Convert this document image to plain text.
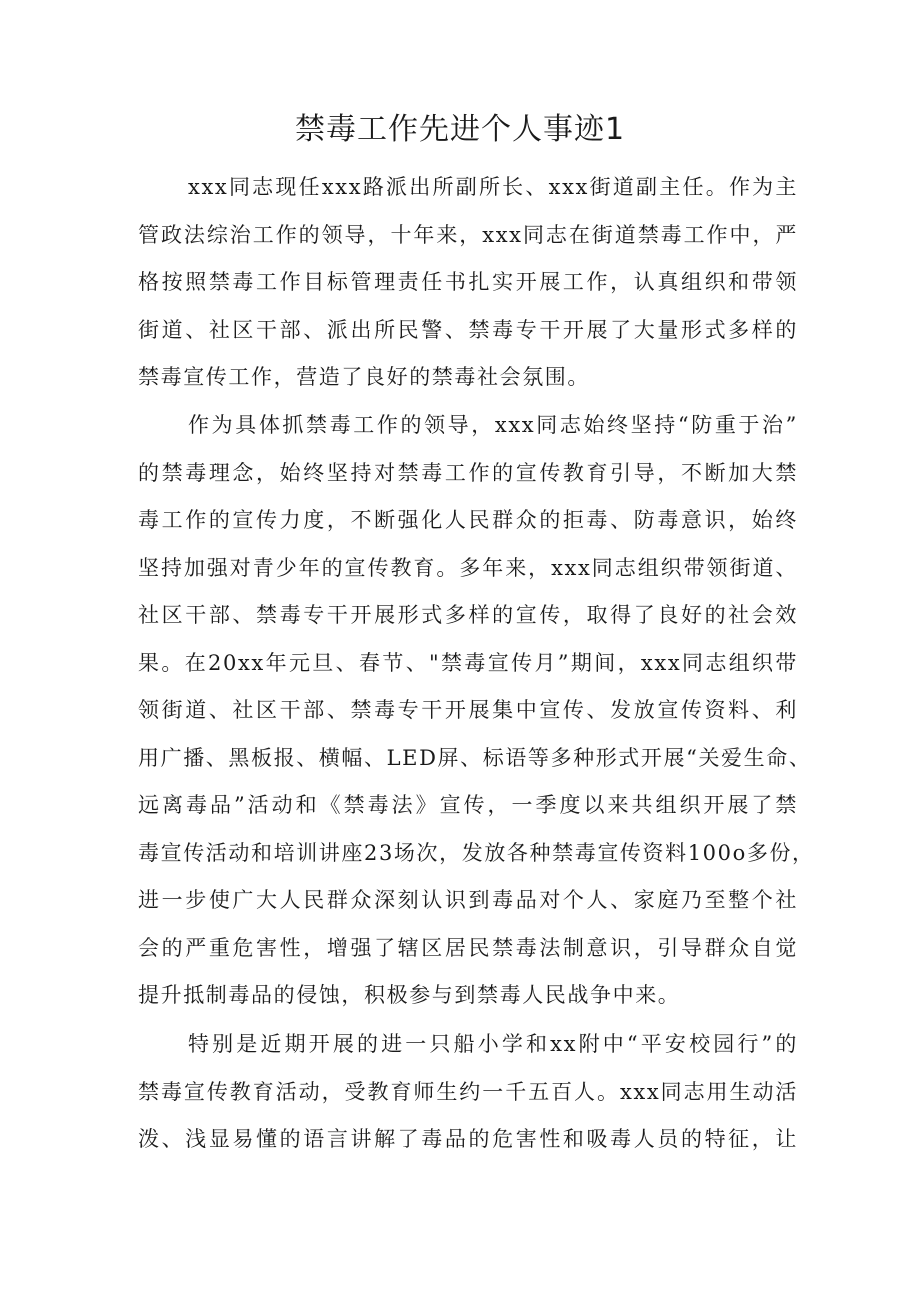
禁毒工作先进个人事迹1
xxx同志现任xxx路派出所副所长、xxx街道副主任。作为主
管政法综治工作的领导，十年来，xxx同志在街道禁毒工作中，严
格按照禁毒工作目标管理责任书扎实开展工作，认真组织和带领
街道、社区干部、派出所民警、禁毒专干开展了大量形式多样的
禁毒宣传工作，营造了良好的禁毒社会氛围。
作为具体抓禁毒工作的领导，xxx同志始终坚持“防重于治”
的禁毒理念，始终坚持对禁毒工作的宣传教育引导，不断加大禁
毒工作的宣传力度，不断强化人民群众的拒毒、防毒意识，始终
坚持加强对青少年的宣传教育。多年来，xxx同志组织带领街道、
社区干部、禁毒专干开展形式多样的宣传，取得了良好的社会效
果。在20xx年元旦、春节、"禁毒宣传月”期间，xxx同志组织带
领街道、社区干部、禁毒专干开展集中宣传、发放宣传资料、利
用广播、黑板报、横幅、LED屏、标语等多种形式开展“关爱生命、
远离毒品”活动和《禁毒法》宣传，一季度以来共组织开展了禁
毒宣传活动和培训讲座23场次，发放各种禁毒宣传资料100o多份，
进一步使广大人民群众深刻认识到毒品对个人、家庭乃至整个社
会的严重危害性，增强了辖区居民禁毒法制意识，引导群众自觉
提升抵制毒品的侵蚀，积极参与到禁毒人民战争中来。
特别是近期开展的进一只船小学和xx附中“平安校园行”的
禁毒宣传教育活动，受教育师生约一千五百人。xxx同志用生动活
泼、浅显易懂的语言讲解了毒品的危害性和吸毒人员的特征，让
